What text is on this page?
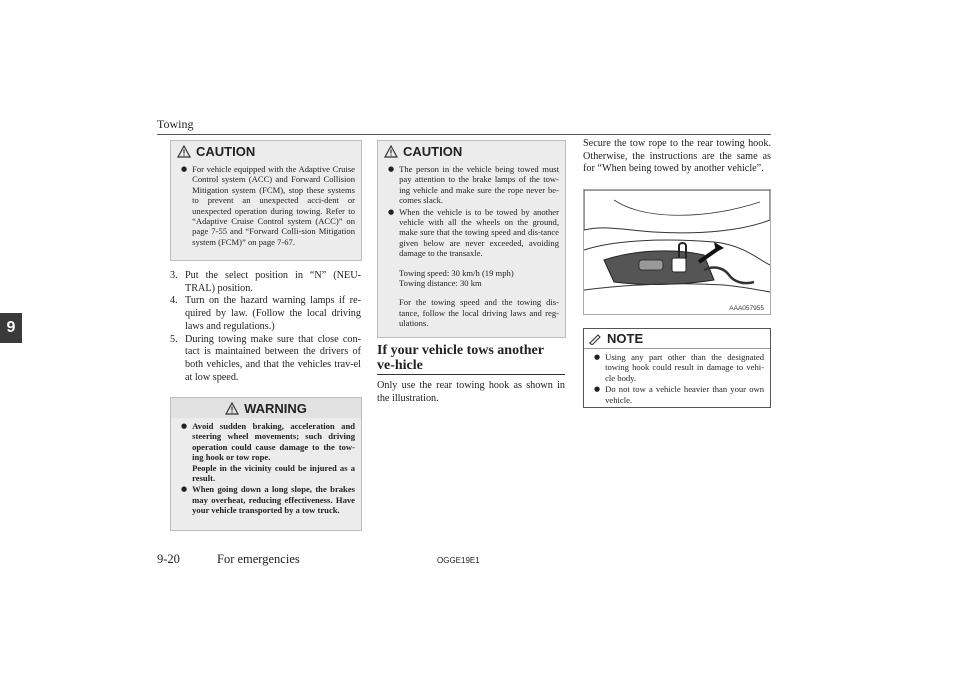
Towing
9
CAUTION
● For vehicle equipped with the Adaptive Cruise Control system (ACC) and Forward Collision Mitigation system (FCM), stop these systems to prevent an unexpected acci-dent or unexpected operation during towing. Refer to “Adaptive Cruise Control system (ACC)” on page 7-55 and “Forward Colli-sion Mitigation system (FCM)” on page 7-67.
3. Put the select position in “N” (NEU-TRAL) position.
4. Turn on the hazard warning lamps if re-quired by law. (Follow the local driving laws and regulations.)
5. During towing make sure that close con-tact is maintained between the drivers of both vehicles, and that the vehicles trav-el at low speed.
WARNING
● Avoid sudden braking, acceleration and steering wheel movements; such driving operation could cause damage to the tow-ing hook or tow rope.
People in the vicinity could be injured as a result.
● When going down a long slope, the brakes may overheat, reducing effectiveness. Have your vehicle transported by a tow truck.
CAUTION
● The person in the vehicle being towed must pay attention to the brake lamps of the tow-ing vehicle and make sure the rope never be-comes slack.
● When the vehicle is to be towed by another vehicle with all the wheels on the ground, make sure that the towing speed and dis-tance given below are never exceeded, avoiding damage to the transaxle.
Towing speed: 30 km/h (19 mph)
Towing distance: 30 km
For the towing speed and the towing dis-tance, follow the local driving laws and reg-ulations.
If your vehicle tows another ve-hicle
Only use the rear towing hook as shown in the illustration.
Secure the tow rope to the rear towing hook. Otherwise, the instructions are the same as for “When being towed by another vehicle”.
AAA057955
NOTE
● Using any part other than the designated towing hook could result in damage to vehi-cle body.
● Do not tow a vehicle heavier than your own vehicle.
9-20	For emergencies	OGGE19E1
